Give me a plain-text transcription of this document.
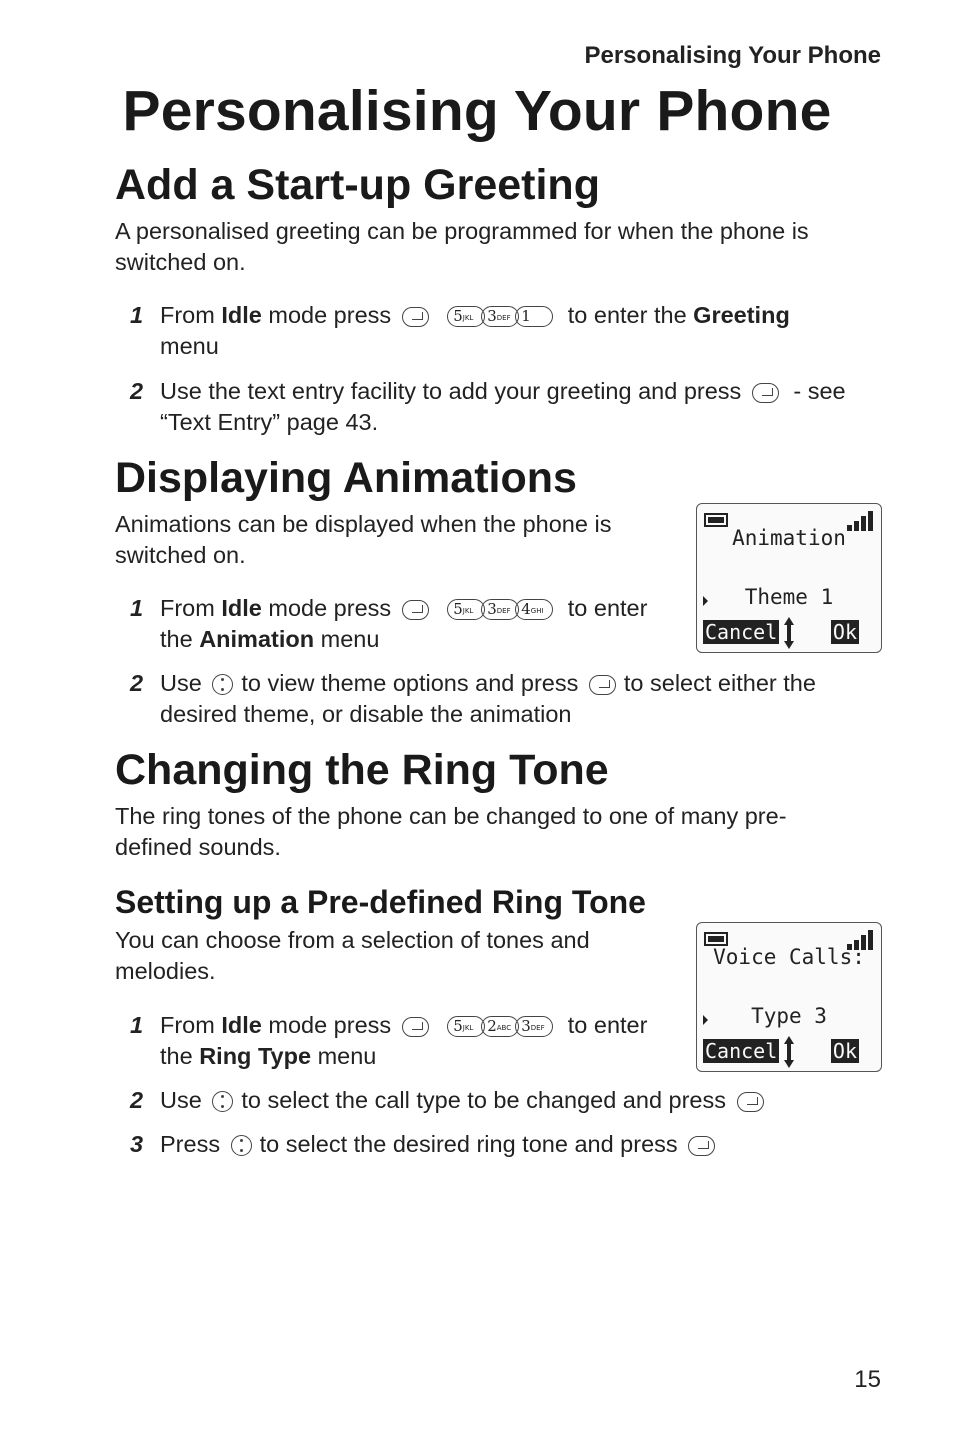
Personalising Your Phone
Personalising Your Phone
Add a Start-up Greeting

A personalised greeting can be programmed for when the phone is switched on.

1 From Idle mode press	5JKL 3DEF 1 to enter the Greeting menu
2 Use the text entry facility to add your greeting and press  - see “Text Entry” page 43.
Displaying Animations

Animations can be displayed when the phone is switched on.

1 From Idle mode press	5JKL 3DEF 4GHI to enter the Animation menu
2 Use to view theme options and press to select either the desired theme, or disable the animation
Animation
Theme 1
Cancel	Ok
Changing the Ring Tone

The ring tones of the phone can be changed to one of many pre-defined sounds.

Setting up a Pre-defined Ring Tone

You can choose from a selection of tones and melodies.

1 From Idle mode press	5JKL 2ABC 3DEF to enter the Ring Type menu
2 Use to select the call type to be changed and press
3 Press to select the desired ring tone and press
Voice Calls:
Type 3
Cancel	Ok
15
